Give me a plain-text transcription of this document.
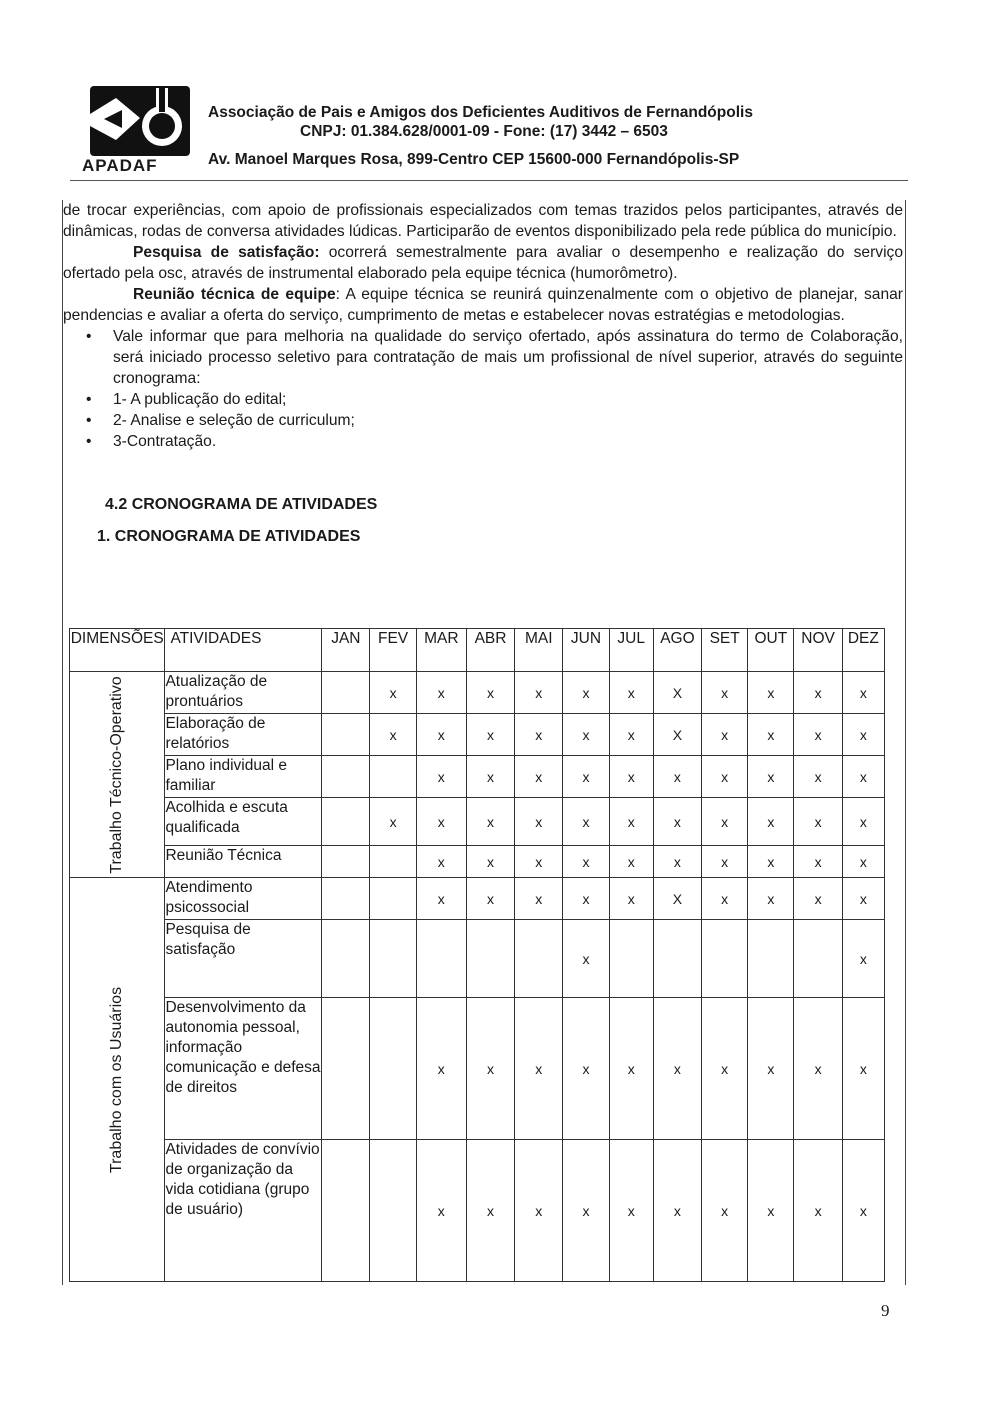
APADAF
Associação de Pais e Amigos dos Deficientes Auditivos de Fernandópolis
CNPJ: 01.384.628/0001-09 - Fone: (17) 3442 – 6503
Av. Manoel Marques Rosa, 899-Centro CEP 15600-000 Fernandópolis-SP

de trocar experiências, com apoio de profissionais especializados com temas trazidos pelos participantes, através de dinâmicas, rodas de conversa atividades lúdicas. Participarão de eventos disponibilizado pela rede pública do município.

Pesquisa de satisfação: ocorrerá semestralmente para avaliar o desempenho e realização do serviço ofertado pela osc, através de instrumental elaborado pela equipe técnica (humorômetro).

Reunião técnica de equipe: A equipe técnica se reunirá quinzenalmente com o objetivo de planejar, sanar pendencias e avaliar a oferta do serviço, cumprimento de metas e estabelecer novas estratégias e metodologias.

• Vale informar que para melhoria na qualidade do serviço ofertado, após assinatura do termo de Colaboração, será iniciado processo seletivo para contratação de mais um profissional de nível superior, através do seguinte cronograma:
• 1- A publicação do edital;
• 2- Analise e seleção de curriculum;
• 3-Contratação.
4.2 CRONOGRAMA DE ATIVIDADES
1. CRONOGRAMA DE ATIVIDADES
DIMENSÕES	ATIVIDADES	JAN	FEV	MAR	ABR	MAI	JUN	JUL	AGO	SET	OUT	NOV	DEZ

Trabalho Técnico-Operativo	Atualização de prontuários		x	x	x	x	x	x	X	x	x	x	x
	Elaboração de relatórios		x	x	x	x	x	x	X	x	x	x	x
	Plano individual e familiar			x	x	x	x	x	x	x	x	x	x
	Acolhida e escuta qualificada		x	x	x	x	x	x	x	x	x	x	x
	Reunião Técnica			x	x	x	x	x	x	x	x	x	x

Trabalho com os Usuários	Atendimento psicossocial			x	x	x	x	x	X	x	x	x	x
	Pesquisa de satisfação						x						x
	Desenvolvimento da autonomia pessoal, informação comunicação e defesa de direitos			x	x	x	x	x	x	x	x	x	x
	Atividades de convívio de organização da vida cotidiana (grupo de usuário)			x	x	x	x	x	x	x	x	x	x
9
